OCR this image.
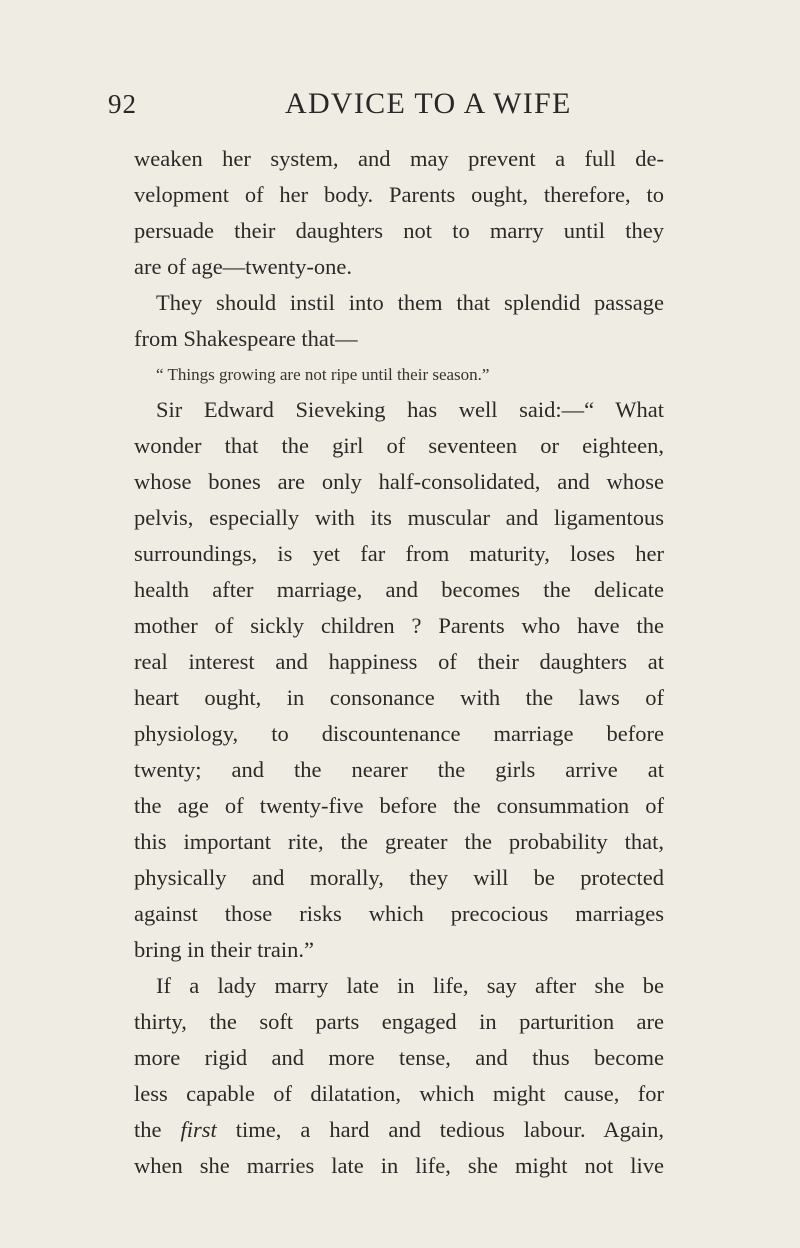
92	ADVICE TO A WIFE
weaken her system, and may prevent a full de-
velopment of her body. Parents ought, therefore, to
persuade their daughters not to marry until they
are of age—twenty-one.
They should instil into them that splendid passage
from Shakespeare that—
“ Things growing are not ripe until their season.”
Sir Edward Sieveking has well said:—“ What
wonder that the girl of seventeen or eighteen,
whose bones are only half-consolidated, and whose
pelvis, especially with its muscular and ligamentous
surroundings, is yet far from maturity, loses her
health after marriage, and becomes the delicate
mother of sickly children ? Parents who have the
real interest and happiness of their daughters at
heart ought, in consonance with the laws of
physiology, to discountenance marriage before
twenty; and the nearer the girls arrive at
the age of twenty-five before the consummation of
this important rite, the greater the probability that,
physically and morally, they will be protected
against those risks which precocious marriages
bring in their train.”
If a lady marry late in life, say after she be
thirty, the soft parts engaged in parturition are
more rigid and more tense, and thus become
less capable of dilatation, which might cause, for
the first time, a hard and tedious labour. Again,
when she marries late in life, she might not live
